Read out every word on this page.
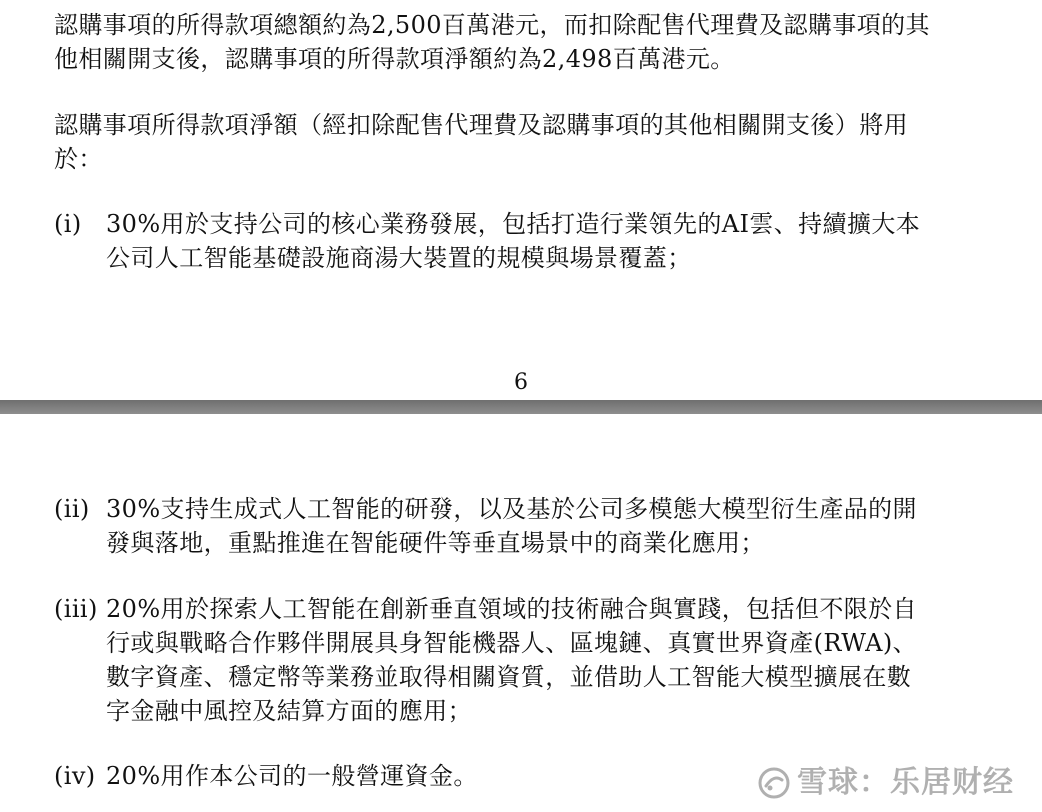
認購事項的所得款項總額約為2,500百萬港元，而扣除配售代理費及認購事項的其
他相關開支後，認購事項的所得款項淨額約為2,498百萬港元。

認購事項所得款項淨額（經扣除配售代理費及認購事項的其他相關開支後）將用
於：

(i) 30%用於支持公司的核心業務發展，包括打造行業領先的AI雲、持續擴大本
公司人工智能基礎設施商湯大裝置的規模與場景覆蓋；
6
(ii) 30%支持生成式人工智能的研發，以及基於公司多模態大模型衍生產品的開
發與落地，重點推進在智能硬件等垂直場景中的商業化應用；
(iii) 20%用於探索人工智能在創新垂直領域的技術融合與實踐，包括但不限於自
行或與戰略合作夥伴開展具身智能機器人、區塊鏈、真實世界資產(RWA)、
數字資產、穩定幣等業務並取得相關資質，並借助人工智能大模型擴展在數
字金融中風控及結算方面的應用；
(iv) 20%用作本公司的一般營運資金。	雪球：乐居财经
